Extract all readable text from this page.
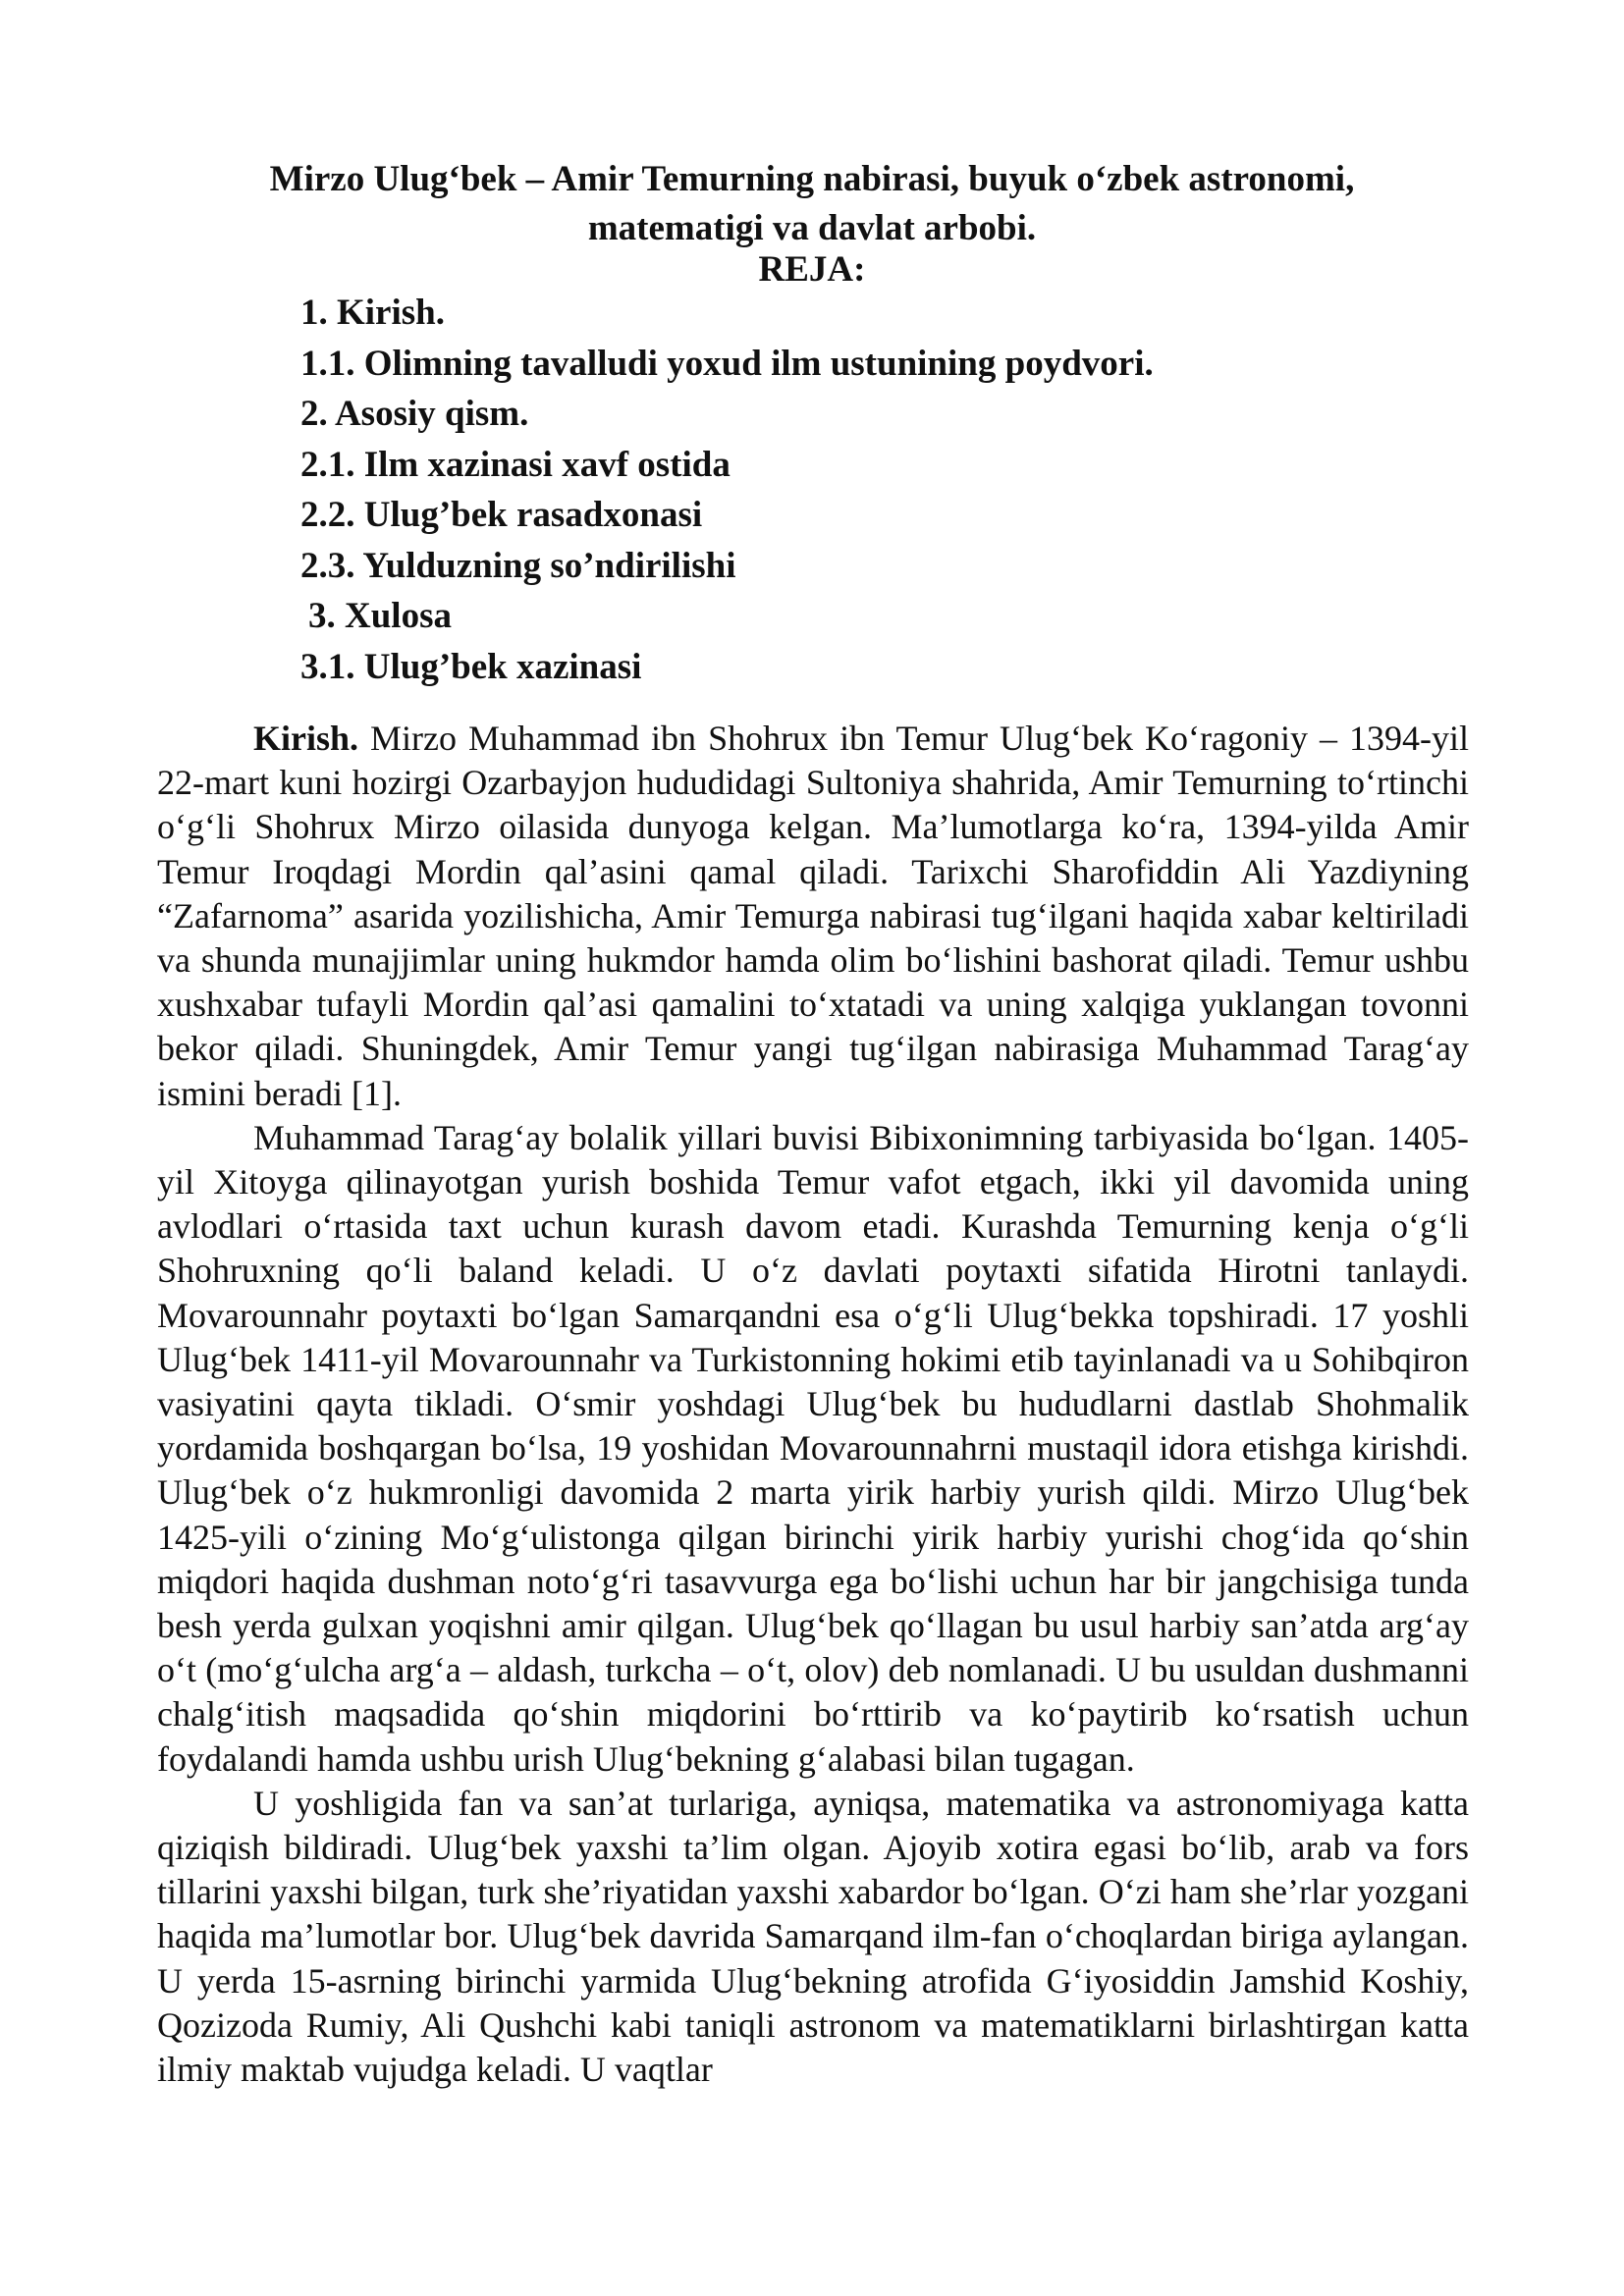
Mirzo Ulug‘bek – Amir Temurning nabirasi, buyuk o‘zbek astronomi,
matematigi va davlat arbobi.
REJA:
1. Kirish.
1.1. Olimning tavalludi yoxud ilm ustunining poydvori.
2. Asosiy qism.
2.1. Ilm xazinasi xavf ostida
2.2. Ulug’bek rasadxonasi
2.3. Yulduzning so’ndirilishi
3. Xulosa
3.1. Ulug’bek xazinasi

Kirish. Mirzo Muhammad ibn Shohrux ibn Temur Ulug‘bek Ko‘ragoniy – 1394-yil 22-mart kuni hozirgi Ozarbayjon hududidagi Sultoniya shahrida, Amir Temurning to‘rtinchi o‘g‘li Shohrux Mirzo oilasida dunyoga kelgan. Ma’lumotlarga ko‘ra, 1394-yilda Amir Temur Iroqdagi Mordin qal’asini qamal qiladi. Tarixchi Sharofiddin Ali Yazdiyning “Zafarnoma” asarida yozilishicha, Amir Temurga nabirasi tug‘ilgani haqida xabar keltiriladi va shunda munajjimlar uning hukmdor hamda olim bo‘lishini bashorat qiladi. Temur ushbu xushxabar tufayli Mordin qal’asi qamalini to‘xtatadi va uning xalqiga yuklangan tovonni bekor qiladi. Shuningdek, Amir Temur yangi tug‘ilgan nabirasiga Muhammad Tarag‘ay ismini beradi [1].

Muhammad Tarag‘ay bolalik yillari buvisi Bibixonimning tarbiyasida bo‘lgan. 1405-yil Xitoyga qilinayotgan yurish boshida Temur vafot etgach, ikki yil davomida uning avlodlari o‘rtasida taxt uchun kurash davom etadi. Kurashda Temurning kenja o‘g‘li Shohruxning qo‘li baland keladi. U o‘z davlati poytaxti sifatida Hirotni tanlaydi. Movarounnahr poytaxti bo‘lgan Samarqandni esa o‘g‘li Ulug‘bekka topshiradi. 17 yoshli Ulug‘bek 1411-yil Movarounnahr va Turkistonning hokimi etib tayinlanadi va u Sohibqiron vasiyatini qayta tikladi. O‘smir yoshdagi Ulug‘bek bu hududlarni dastlab Shohmalik yordamida boshqargan bo‘lsa, 19 yoshidan Movarounnahrni mustaqil idora etishga kirishdi. Ulug‘bek o‘z hukmronligi davomida 2 marta yirik harbiy yurish qildi. Mirzo Ulug‘bek 1425-yili o‘zining Mo‘g‘ulistonga qilgan birinchi yirik harbiy yurishi chog‘ida qo‘shin miqdori haqida dushman noto‘g‘ri tasavvurga ega bo‘lishi uchun har bir jangchisiga tunda besh yerda gulxan yoqishni amir qilgan. Ulug‘bek qo‘llagan bu usul harbiy san’atda arg‘ay o‘t (mo‘g‘ulcha arg‘a – aldash, turkcha – o‘t, olov) deb nomlanadi. U bu usuldan dushmanni chalg‘itish maqsadida qo‘shin miqdorini bo‘rttirib va ko‘paytirib ko‘rsatish uchun foydalandi hamda ushbu urish Ulug‘bekning g‘alabasi bilan tugagan.

U yoshligida fan va san’at turlariga, ayniqsa, matematika va astronomiyaga katta qiziqish bildiradi. Ulug‘bek yaxshi ta’lim olgan. Ajoyib xotira egasi bo‘lib, arab va fors tillarini yaxshi bilgan, turk she’riyatidan yaxshi xabardor bo‘lgan. O‘zi ham she’rlar yozgani haqida ma’lumotlar bor. Ulug‘bek davrida Samarqand ilm-fan o‘choqlardan biriga aylangan. U yerda 15-asrning birinchi yarmida Ulug‘bekning atrofida G‘iyosiddin Jamshid Koshiy, Qozizoda Rumiy, Ali Qushchi kabi taniqli astronom va matematiklarni birlashtirgan katta ilmiy maktab vujudga keladi. U vaqtlar
